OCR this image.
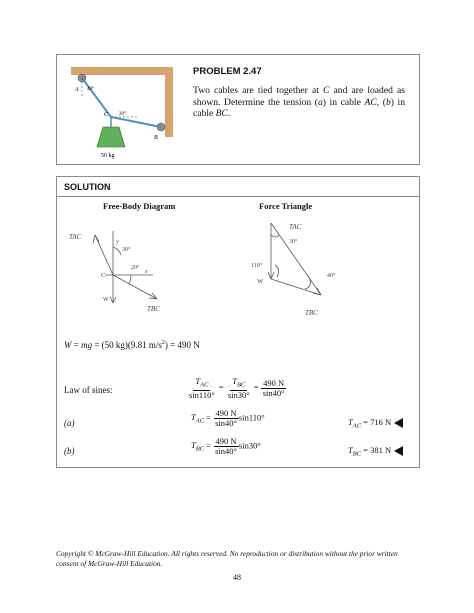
A 40°
C 20°
B
50 kg
PROBLEM 2.47
Two cables are tied together at C and are loaded as shown. Determine the tension (a) in cable AC, (b) in cable BC.
SOLUTION
Free-Body Diagram	Force Triangle
TAC
y
30°
20°
x
C
W
TBC
TAC
30°
110°
40°
W
TBC
W = mg = (50 kg)(9.81 $m/s^2) = 490$ N
Law of sines:	$\frac{T_{AC}}{\sin 110^\circ} = \frac{T_{BC}}{\sin 30^\circ} = \frac{490 N}{\sin 40^\circ}$
(a)
$T_{AC} = \frac{490 N}{\sin 40^\circ} \sin 110^\circ$	$T_{AC} = 716$ N
(b)
$T_{BC} = \frac{490 N}{\sin 40^\circ} \sin 30^\circ$	$T_{BC} = 381$ N
Copyright © McGraw-Hill Education. All rights reserved. No reproduction or distribution without the prior written consent of McGraw-Hill Education.
48
